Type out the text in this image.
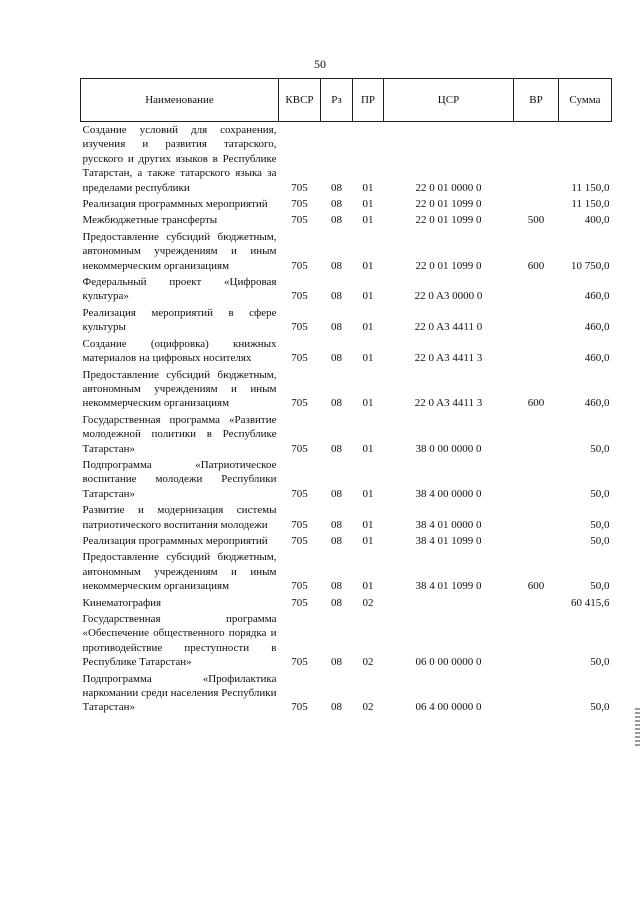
50
Наименование	КВСР	Рз	ПР	ЦСР	ВР	Сумма
Создание условий для сохранения, изучения и развития татарского, русского и других языков в Республике Татарстан, а также татарского языка за пределами республики	705	08	01	22 0 01 0000 0		11 150,0
Реализация программных мероприятий	705	08	01	22 0 01 1099 0		11 150,0
Межбюджетные трансферты	705	08	01	22 0 01 1099 0	500	400,0
Предоставление субсидий бюджетным, автономным учреждениям и иным некоммерческим организациям	705	08	01	22 0 01 1099 0	600	10 750,0
Федеральный проект «Цифровая культура»	705	08	01	22 0 A3 0000 0		460,0
Реализация мероприятий в сфере культуры	705	08	01	22 0 A3 4411 0		460,0
Создание (оцифровка) книжных материалов на цифровых носителях	705	08	01	22 0 A3 4411 3		460,0
Предоставление субсидий бюджетным, автономным учреждениям и иным некоммерческим организациям	705	08	01	22 0 A3 4411 3	600	460,0
Государственная программа «Развитие молодежной политики в Республике Татарстан»	705	08	01	38 0 00 0000 0		50,0
Подпрограмма «Патриотическое воспитание молодежи Республики Татарстан»	705	08	01	38 4 00 0000 0		50,0
Развитие и модернизация системы патриотического воспитания молодежи	705	08	01	38 4 01 0000 0		50,0
Реализация программных мероприятий	705	08	01	38 4 01 1099 0		50,0
Предоставление субсидий бюджетным, автономным учреждениям и иным некоммерческим организациям	705	08	01	38 4 01 1099 0	600	50,0
Кинематография	705	08	02			60 415,6
Государственная программа «Обеспечение общественного порядка и противодействие преступности в Республике Татарстан»	705	08	02	06 0 00 0000 0		50,0
Подпрограмма «Профилактика наркомании среди населения Республики Татарстан»	705	08	02	06 4 00 0000 0		50,0
